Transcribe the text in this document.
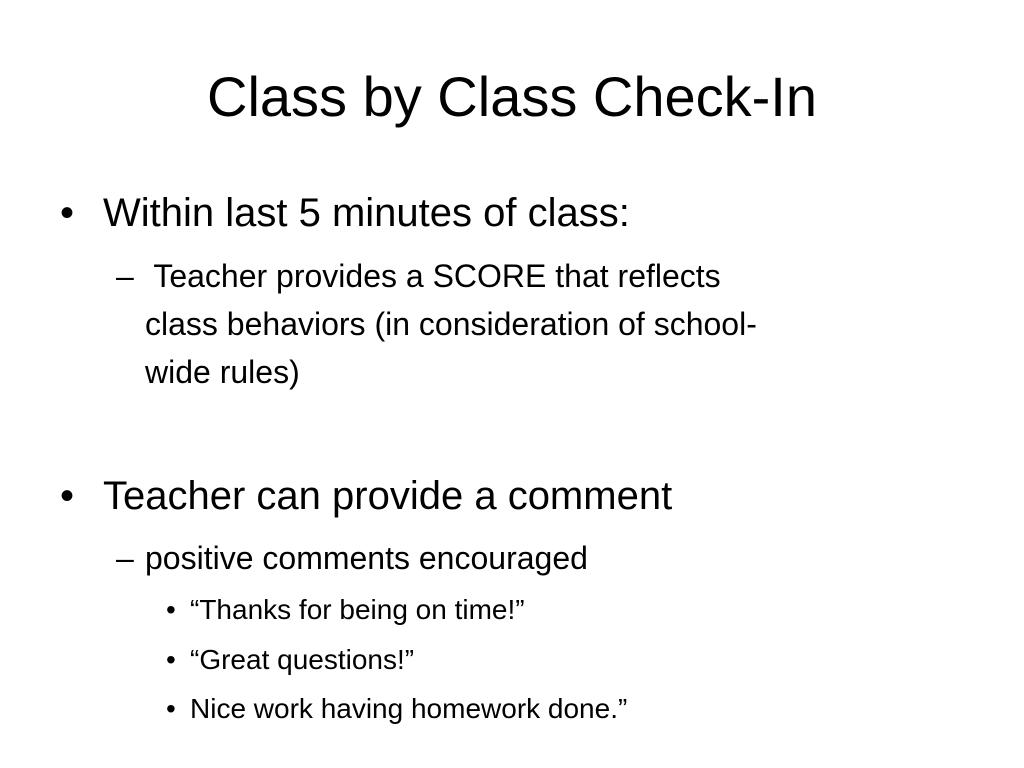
Class by Class Check-In
• Within last 5 minutes of class:
– Teacher provides a SCORE that reflects
class behaviors (in consideration of school-
wide rules)
• Teacher can provide a comment
– positive comments encouraged
• “Thanks for being on time!”
• “Great questions!”
• Nice work having homework done.”
